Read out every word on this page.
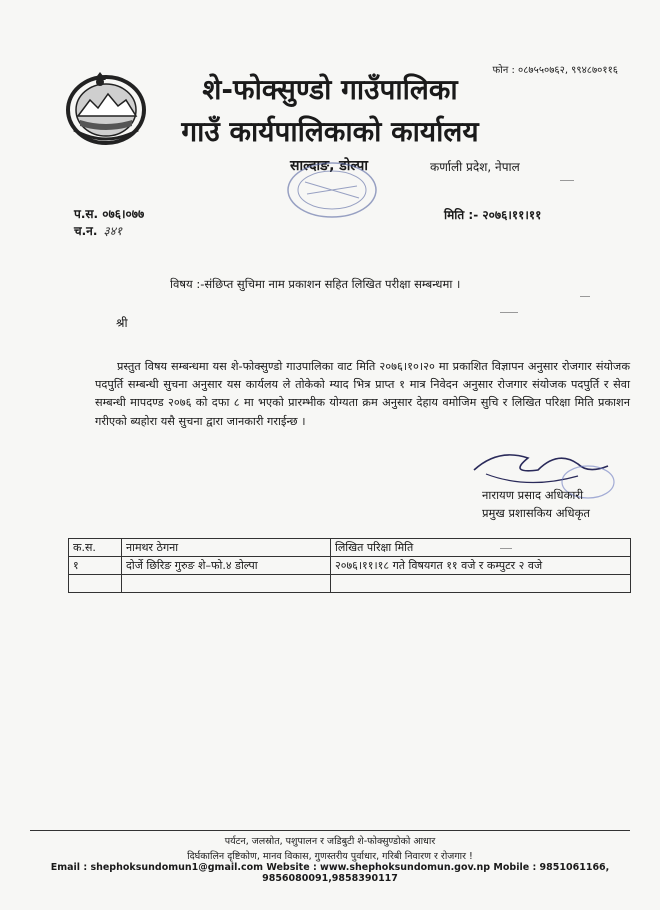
फोन : ०८७५५०७६२, ९९४८७०११६
शे-फोक्सुण्डो गाउँपालिका
गाउँ कार्यपालिकाको कार्यालय
साल्दाङ, डोल्पा	कर्णाली प्रदेश, नेपाल
प.स. ०७६।०७७
च.न. ३४१
मिति :- २०७६।११।११
विषय :-संछिप्त सुचिमा नाम प्रकाशन सहित लिखित परीक्षा सम्बन्धमा ।
श्री
प्रस्तुत विषय सम्बन्धमा यस शे-फोक्सुण्डो गाउपालिका वाट मिति २०७६।१०।२० मा प्रकाशित विज्ञापन अनुसार रोजगार संयोजक पदपुर्ति सम्बन्धी सुचना अनुसार यस कार्यलय ले तोकेको म्याद भित्र प्राप्त १ मात्र निवेदन अनुसार रोजगार संयोजक पदपुर्ति र सेवा सम्बन्धी मापदण्ड २०७६ को दफा ८ मा भएको प्रारम्भीक योग्यता क्रम अनुसार देहाय वमोजिम सुचि र लिखित परिक्षा मिति प्रकाशन गरीएको ब्यहोरा यसै सुचना द्वारा जानकारी गराईन्छ ।
नारायण प्रसाद अधिकारी
प्रमुख प्रशासकिय अधिकृत
क.स.	नामथर ठेगना	लिखित परिक्षा मिति
१	दोर्जे छिरिङ गुरुङ शे–फो.४ डोल्पा	२०७६।११।१८ गते विषयगत ११ वजे र कम्पुटर २ वजे

पर्यटन, जलस्रोत, पशुपालन र जडिबुटी शे-फोक्सुण्डोको आधार
दिर्घकालिन दृष्टिकोण, मानव विकास, गुणस्तरीय पुर्वाधार, गरिबी निवारण र रोजगार !
Email : shephoksundomun1@gmail.com Website : www.shephoksundomun.gov.np Mobile : 9851061166, 9856080091,9858390117
